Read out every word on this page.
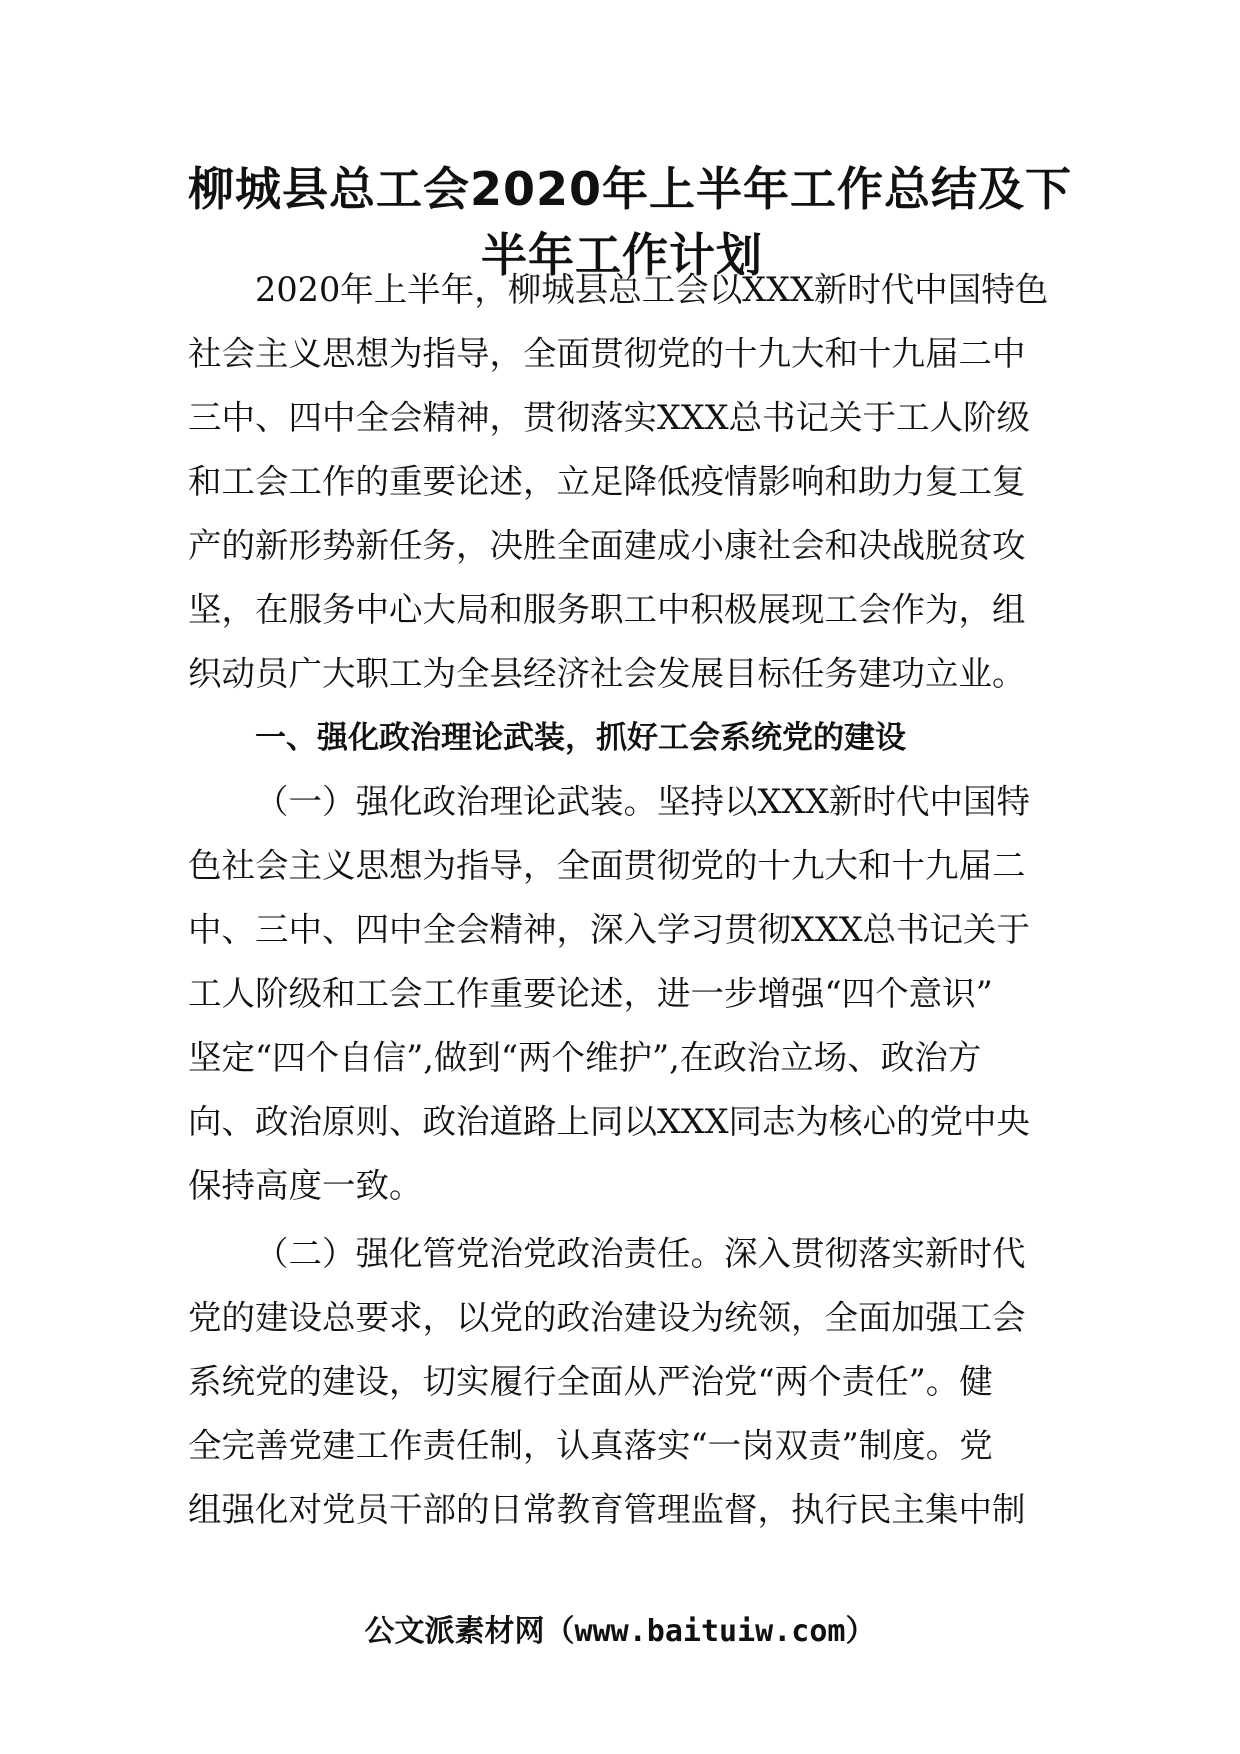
柳城县总工会2020年上半年工作总结及下
半年工作计划
2020年上半年，柳城县总工会以XXX新时代中国特色
社会主义思想为指导，全面贯彻党的十九大和十九届二中
三中、四中全会精神，贯彻落实XXX总书记关于工人阶级
和工会工作的重要论述，立足降低疫情影响和助力复工复
产的新形势新任务，决胜全面建成小康社会和决战脱贫攻
坚，在服务中心大局和服务职工中积极展现工会作为，组
织动员广大职工为全县经济社会发展目标任务建功立业。
一、强化政治理论武装，抓好工会系统党的建设
（一）强化政治理论武装。坚持以XXX新时代中国特
色社会主义思想为指导，全面贯彻党的十九大和十九届二
中、三中、四中全会精神，深入学习贯彻XXX总书记关于
工人阶级和工会工作重要论述，进一步增强“四个意识”
坚定“四个自信”,做到“两个维护”,在政治立场、政治方
向、政治原则、政治道路上同以XXX同志为核心的党中央
保持高度一致。
（二）强化管党治党政治责任。深入贯彻落实新时代
党的建设总要求，以党的政治建设为统领，全面加强工会
系统党的建设，切实履行全面从严治党“两个责任”。健
全完善党建工作责任制，认真落实“一岗双责”制度。党
组强化对党员干部的日常教育管理监督，执行民主集中制
公文派素材网（www.baituiw.com）
